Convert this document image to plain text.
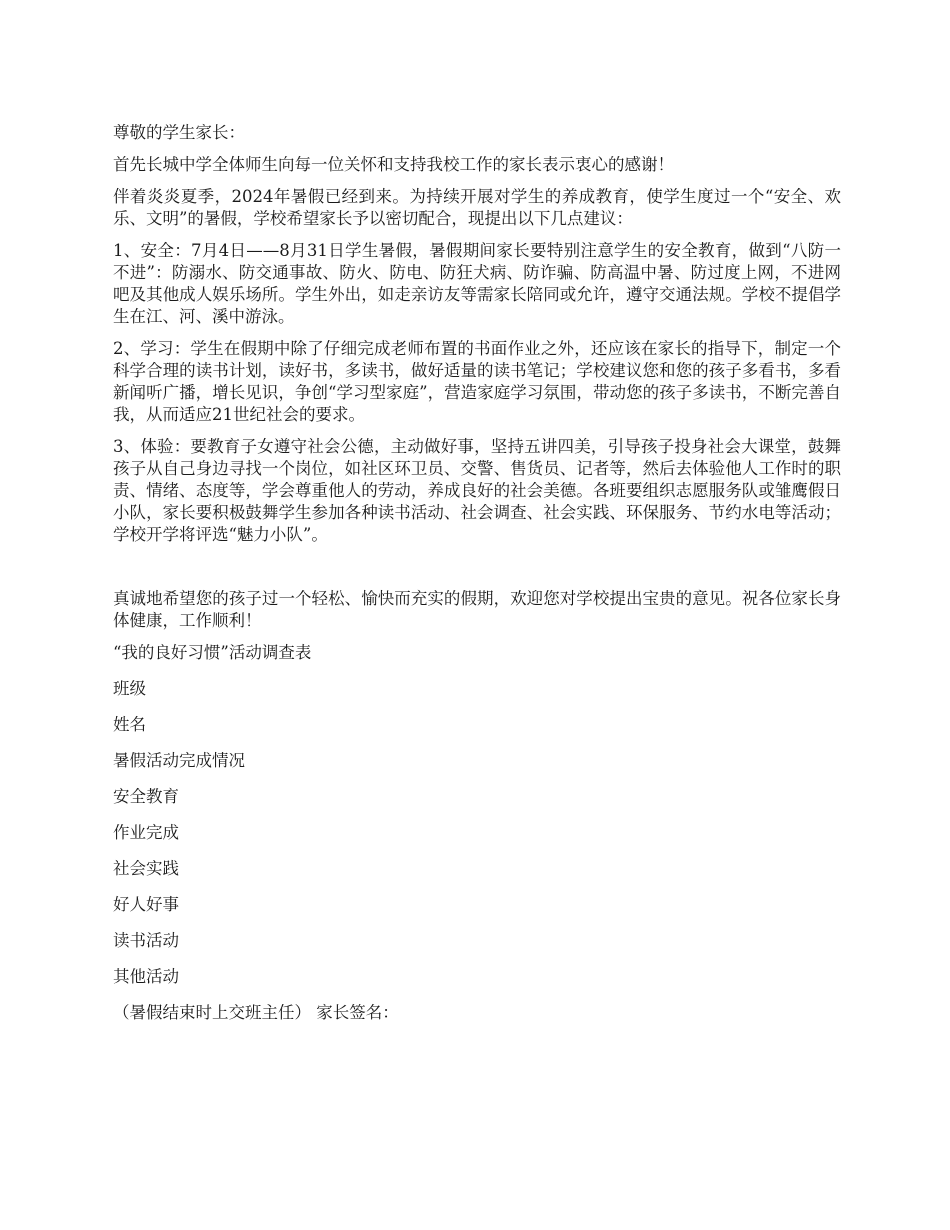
尊敬的学生家长：

首先长城中学全体师生向每一位关怀和支持我校工作的家长表示衷心的感谢！

伴着炎炎夏季，2024年暑假已经到来。为持续开展对学生的养成教育，使学生度过一个“安全、欢乐、文明”的暑假，学校希望家长予以密切配合，现提出以下几点建议：

1、安全：7月4日——8月31日学生暑假，暑假期间家长要特别注意学生的安全教育，做到“八防一不进”：防溺水、防交通事故、防火、防电、防狂犬病、防诈骗、防高温中暑、防过度上网，不进网吧及其他成人娱乐场所。学生外出，如走亲访友等需家长陪同或允许，遵守交通法规。学校不提倡学生在江、河、溪中游泳。

2、学习：学生在假期中除了仔细完成老师布置的书面作业之外，还应该在家长的指导下，制定一个科学合理的读书计划，读好书，多读书，做好适量的读书笔记；学校建议您和您的孩子多看书，多看新闻听广播，增长见识，争创“学习型家庭”，营造家庭学习氛围，带动您的孩子多读书，不断完善自我，从而适应21世纪社会的要求。

3、体验：要教育子女遵守社会公德，主动做好事，坚持五讲四美，引导孩子投身社会大课堂，鼓舞孩子从自己身边寻找一个岗位，如社区环卫员、交警、售货员、记者等，然后去体验他人工作时的职责、情绪、态度等，学会尊重他人的劳动，养成良好的社会美德。各班要组织志愿服务队或雏鹰假日小队，家长要积极鼓舞学生参加各种读书活动、社会调查、社会实践、环保服务、节约水电等活动；学校开学将评选“魅力小队”。

真诚地希望您的孩子过一个轻松、愉快而充实的假期，欢迎您对学校提出宝贵的意见。祝各位家长身体健康，工作顺利！

“我的良好习惯”活动调查表

班级

姓名

暑假活动完成情况

安全教育

作业完成

社会实践

好人好事

读书活动

其他活动

（暑假结束时上交班主任） 家长签名：
